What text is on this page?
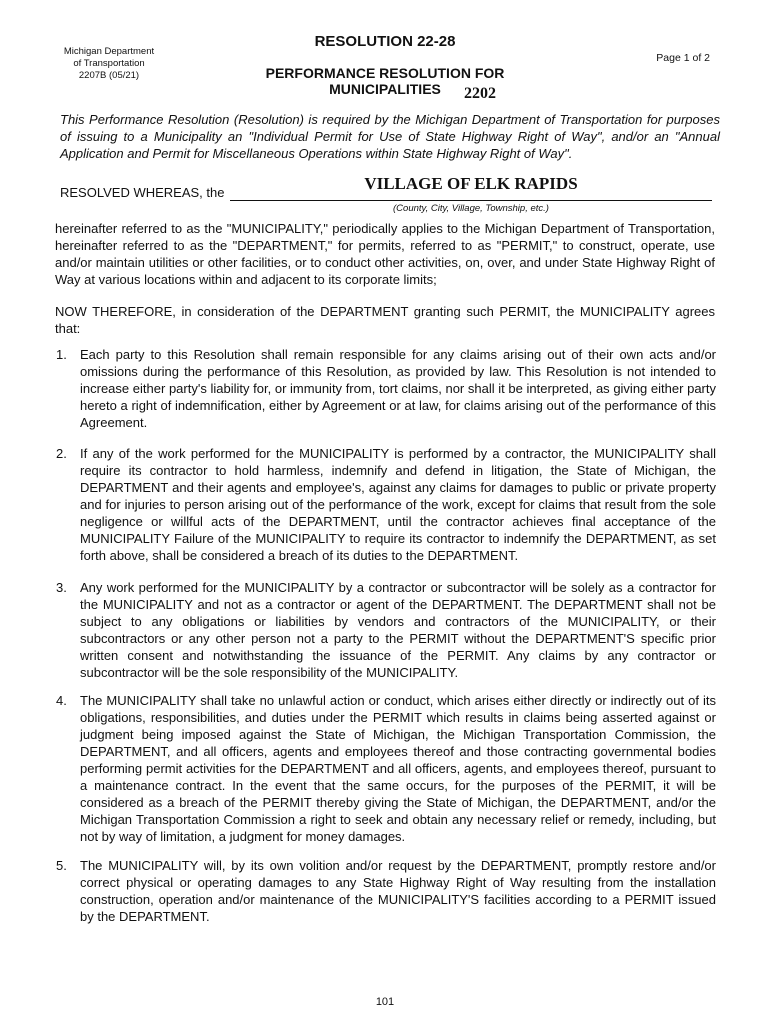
Michigan Department
of Transportation
2207B (05/21)
RESOLUTION 22-28
Page 1 of 2
PERFORMANCE RESOLUTION FOR
MUNICIPALITIES	2202
This Performance Resolution (Resolution) is required by the Michigan Department of Transportation for purposes of issuing to a Municipality an "Individual Permit for Use of State Highway Right of Way", and/or an "Annual Application and Permit for Miscellaneous Operations within State Highway Right of Way".
RESOLVED WHEREAS, the	VILLAGE OF ELK RAPIDS
(County, City, Village, Township, etc.)
hereinafter referred to as the "MUNICIPALITY," periodically applies to the Michigan Department of Transportation, hereinafter referred to as the "DEPARTMENT," for permits, referred to as "PERMIT," to construct, operate, use and/or maintain utilities or other facilities, or to conduct other activities, on, over, and under State Highway Right of Way at various locations within and adjacent to its corporate limits;
NOW THEREFORE, in consideration of the DEPARTMENT granting such PERMIT, the MUNICIPALITY agrees that:
1. Each party to this Resolution shall remain responsible for any claims arising out of their own acts and/or omissions during the performance of this Resolution, as provided by law. This Resolution is not intended to increase either party's liability for, or immunity from, tort claims, nor shall it be interpreted, as giving either party hereto a right of indemnification, either by Agreement or at law, for claims arising out of the performance of this Agreement.
2. If any of the work performed for the MUNICIPALITY is performed by a contractor, the MUNICIPALITY shall require its contractor to hold harmless, indemnify and defend in litigation, the State of Michigan, the DEPARTMENT and their agents and employee's, against any claims for damages to public or private property and for injuries to person arising out of the performance of the work, except for claims that result from the sole negligence or willful acts of the DEPARTMENT, until the contractor achieves final acceptance of the MUNICIPALITY Failure of the MUNICIPALITY to require its contractor to indemnify the DEPARTMENT, as set forth above, shall be considered a breach of its duties to the DEPARTMENT.
3. Any work performed for the MUNICIPALITY by a contractor or subcontractor will be solely as a contractor for the MUNICIPALITY and not as a contractor or agent of the DEPARTMENT. The DEPARTMENT shall not be subject to any obligations or liabilities by vendors and contractors of the MUNICIPALITY, or their subcontractors or any other person not a party to the PERMIT without the DEPARTMENT'S specific prior written consent and notwithstanding the issuance of the PERMIT. Any claims by any contractor or subcontractor will be the sole responsibility of the MUNICIPALITY.
4. The MUNICIPALITY shall take no unlawful action or conduct, which arises either directly or indirectly out of its obligations, responsibilities, and duties under the PERMIT which results in claims being asserted against or judgment being imposed against the State of Michigan, the Michigan Transportation Commission, the DEPARTMENT, and all officers, agents and employees thereof and those contracting governmental bodies performing permit activities for the DEPARTMENT and all officers, agents, and employees thereof, pursuant to a maintenance contract. In the event that the same occurs, for the purposes of the PERMIT, it will be considered as a breach of the PERMIT thereby giving the State of Michigan, the DEPARTMENT, and/or the Michigan Transportation Commission a right to seek and obtain any necessary relief or remedy, including, but not by way of limitation, a judgment for money damages.
5. The MUNICIPALITY will, by its own volition and/or request by the DEPARTMENT, promptly restore and/or correct physical or operating damages to any State Highway Right of Way resulting from the installation construction, operation and/or maintenance of the MUNICIPALITY'S facilities according to a PERMIT issued by the DEPARTMENT.
101
